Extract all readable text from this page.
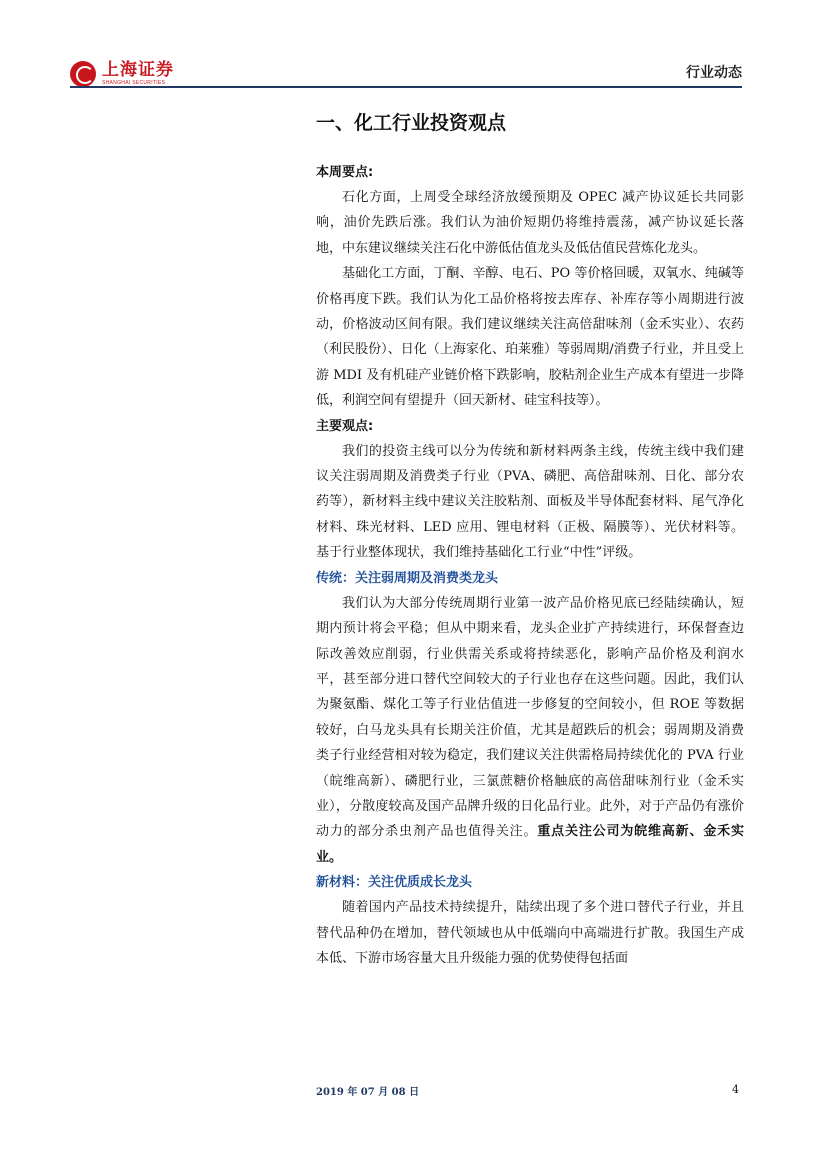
上海证券
SHANGHAI SECURITIES
行业动态
一、化工行业投资观点
本周要点:

石化方面，上周受全球经济放缓预期及 OPEC 减产协议延长共同影响，油价先跌后涨。我们认为油价短期仍将维持震荡，减产协议延长落地，中东建议继续关注石化中游低估值龙头及低估值民营炼化龙头。

基础化工方面，丁酮、辛醇、电石、PO 等价格回暖，双氧水、纯碱等价格再度下跌。我们认为化工品价格将按去库存、补库存等小周期进行波动，价格波动区间有限。我们建议继续关注高倍甜味剂（金禾实业）、农药（利民股份）、日化（上海家化、珀莱雅）等弱周期/消费子行业，并且受上游 MDI 及有机硅产业链价格下跌影响，胶粘剂企业生产成本有望进一步降低，利润空间有望提升（回天新材、硅宝科技等）。

主要观点:

我们的投资主线可以分为传统和新材料两条主线，传统主线中我们建议关注弱周期及消费类子行业（PVA、磷肥、高倍甜味剂、日化、部分农药等），新材料主线中建议关注胶粘剂、面板及半导体配套材料、尾气净化材料、珠光材料、LED 应用、锂电材料（正极、隔膜等）、光伏材料等。基于行业整体现状，我们维持基础化工行业“中性”评级。

传统：关注弱周期及消费类龙头

我们认为大部分传统周期行业第一波产品价格见底已经陆续确认，短期内预计将会平稳；但从中期来看，龙头企业扩产持续进行，环保督查边际改善效应削弱，行业供需关系或将持续恶化，影响产品价格及利润水平，甚至部分进口替代空间较大的子行业也存在这些问题。因此，我们认为聚氨酯、煤化工等子行业估值进一步修复的空间较小，但 ROE 等数据较好，白马龙头具有长期关注价值，尤其是超跌后的机会；弱周期及消费类子行业经营相对较为稳定，我们建议关注供需格局持续优化的 PVA 行业（皖维高新）、磷肥行业，三氯蔗糖价格触底的高倍甜味剂行业（金禾实业），分散度较高及国产品牌升级的日化品行业。此外，对于产品仍有涨价动力的部分杀虫剂产品也值得关注。重点关注公司为皖维高新、金禾实业。

新材料：关注优质成长龙头

随着国内产品技术持续提升，陆续出现了多个进口替代子行业，并且替代品种仍在增加，替代领域也从中低端向中高端进行扩散。我国生产成本低、下游市场容量大且升级能力强的优势使得包括面

2019 年 07 月 08 日	4
